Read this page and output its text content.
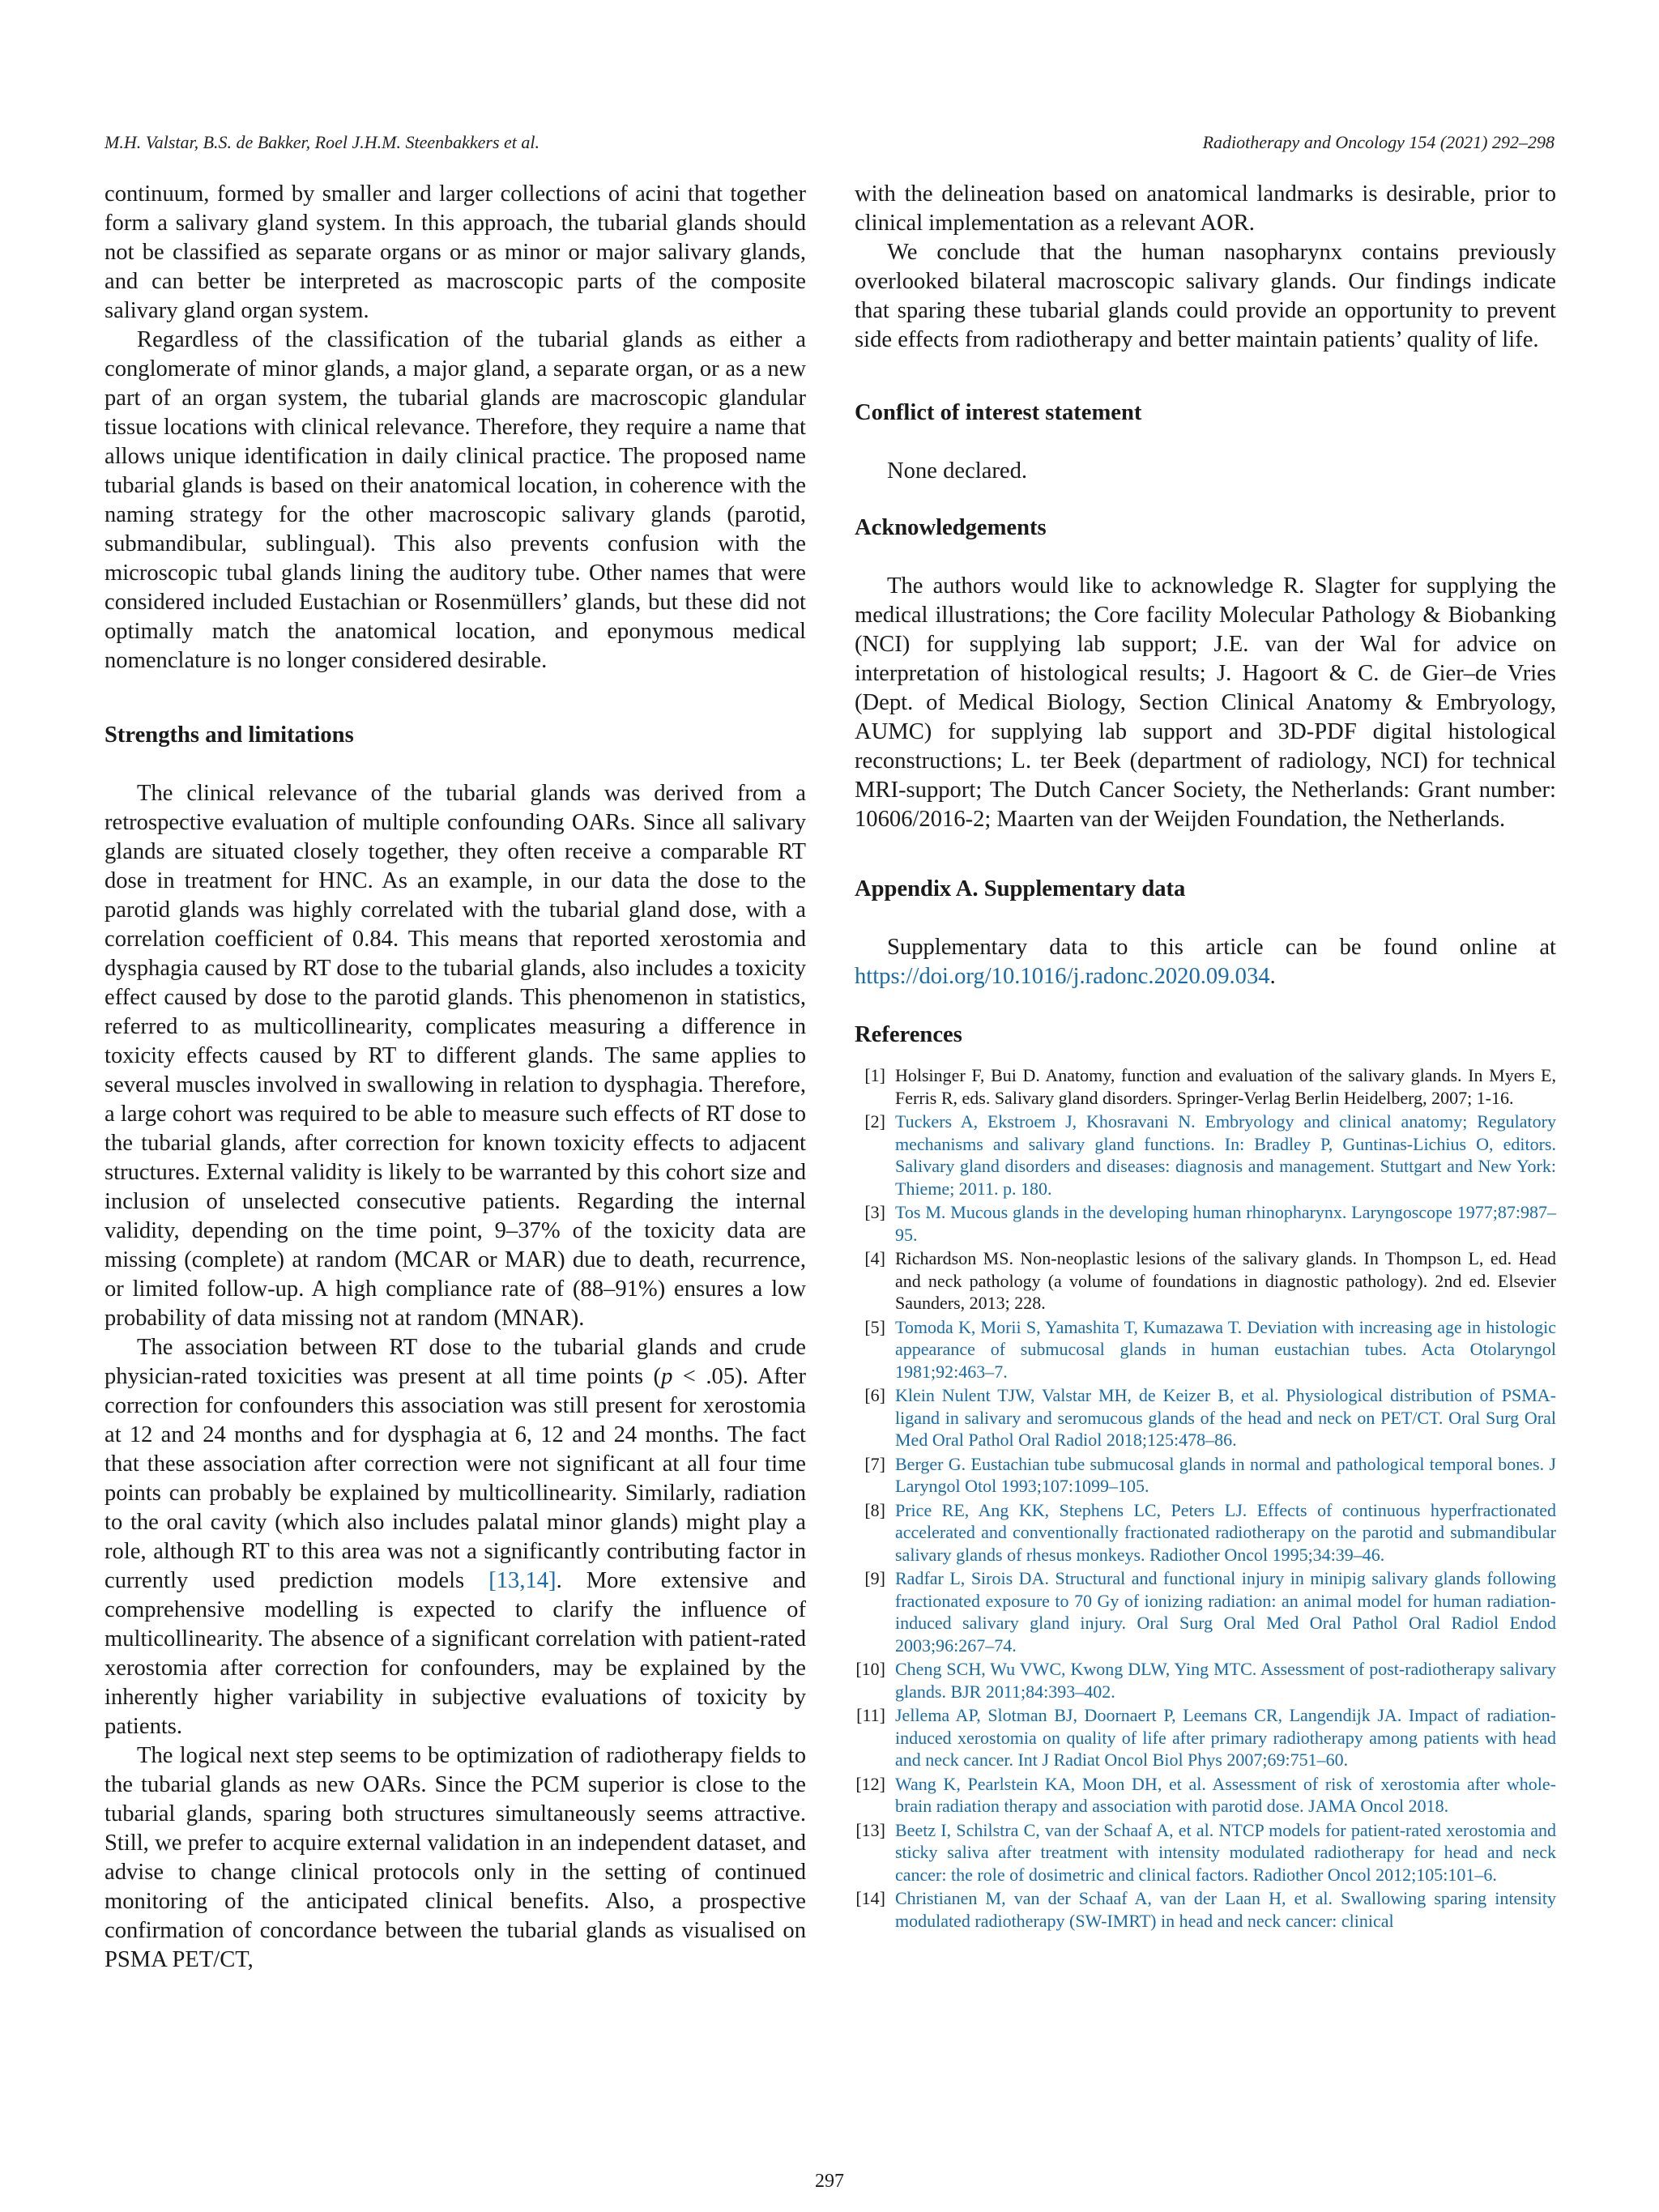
M.H. Valstar, B.S. de Bakker, Roel J.H.M. Steenbakkers et al.	Radiotherapy and Oncology 154 (2021) 292–298

continuum, formed by smaller and larger collections of acini that together form a salivary gland system. In this approach, the tubarial glands should not be classified as separate organs or as minor or major salivary glands, and can better be interpreted as macroscopic parts of the composite salivary gland organ system.

Regardless of the classification of the tubarial glands as either a conglomerate of minor glands, a major gland, a separate organ, or as a new part of an organ system, the tubarial glands are macroscopic glandular tissue locations with clinical relevance. Therefore, they require a name that allows unique identification in daily clinical practice. The proposed name tubarial glands is based on their anatomical location, in coherence with the naming strategy for the other macroscopic salivary glands (parotid, submandibular, sublingual). This also prevents confusion with the microscopic tubal glands lining the auditory tube. Other names that were considered included Eustachian or Rosenmüllers’ glands, but these did not optimally match the anatomical location, and eponymous medical nomenclature is no longer considered desirable.

Strengths and limitations

The clinical relevance of the tubarial glands was derived from a retrospective evaluation of multiple confounding OARs. Since all salivary glands are situated closely together, they often receive a comparable RT dose in treatment for HNC. As an example, in our data the dose to the parotid glands was highly correlated with the tubarial gland dose, with a correlation coefficient of 0.84. This means that reported xerostomia and dysphagia caused by RT dose to the tubarial glands, also includes a toxicity effect caused by dose to the parotid glands. This phenomenon in statistics, referred to as multicollinearity, complicates measuring a difference in toxicity effects caused by RT to different glands. The same applies to several muscles involved in swallowing in relation to dysphagia. Therefore, a large cohort was required to be able to measure such effects of RT dose to the tubarial glands, after correction for known toxicity effects to adjacent structures. External validity is likely to be warranted by this cohort size and inclusion of unselected consecutive patients. Regarding the internal validity, depending on the time point, 9–37% of the toxicity data are missing (complete) at random (MCAR or MAR) due to death, recurrence, or limited follow-up. A high compliance rate of (88–91%) ensures a low probability of data missing not at random (MNAR).

The association between RT dose to the tubarial glands and crude physician-rated toxicities was present at all time points (p < .05). After correction for confounders this association was still present for xerostomia at 12 and 24 months and for dysphagia at 6, 12 and 24 months. The fact that these association after correction were not significant at all four time points can probably be explained by multicollinearity. Similarly, radiation to the oral cavity (which also includes palatal minor glands) might play a role, although RT to this area was not a significantly contributing factor in currently used prediction models [13,14]. More extensive and comprehensive modelling is expected to clarify the influence of multicollinearity. The absence of a significant correlation with patient-rated xerostomia after correction for confounders, may be explained by the inherently higher variability in subjective evaluations of toxicity by patients.

The logical next step seems to be optimization of radiotherapy fields to the tubarial glands as new OARs. Since the PCM superior is close to the tubarial glands, sparing both structures simultaneously seems attractive. Still, we prefer to acquire external validation in an independent dataset, and advise to change clinical protocols only in the setting of continued monitoring of the anticipated clinical benefits. Also, a prospective confirmation of concordance between the tubarial glands as visualised on PSMA PET/CT,

with the delineation based on anatomical landmarks is desirable, prior to clinical implementation as a relevant AOR.

We conclude that the human nasopharynx contains previously overlooked bilateral macroscopic salivary glands. Our findings indicate that sparing these tubarial glands could provide an opportunity to prevent side effects from radiotherapy and better maintain patients’ quality of life.

Conflict of interest statement

None declared.

Acknowledgements

The authors would like to acknowledge R. Slagter for supplying the medical illustrations; the Core facility Molecular Pathology & Biobanking (NCI) for supplying lab support; J.E. van der Wal for advice on interpretation of histological results; J. Hagoort & C. de Gier–de Vries (Dept. of Medical Biology, Section Clinical Anatomy & Embryology, AUMC) for supplying lab support and 3D-PDF digital histological reconstructions; L. ter Beek (department of radiology, NCI) for technical MRI-support; The Dutch Cancer Society, the Netherlands: Grant number: 10606/2016-2; Maarten van der Weijden Foundation, the Netherlands.

Appendix A. Supplementary data

Supplementary data to this article can be found online at https://doi.org/10.1016/j.radonc.2020.09.034.

References
[1] Holsinger F, Bui D. Anatomy, function and evaluation of the salivary glands. In Myers E, Ferris R, eds. Salivary gland disorders. Springer-Verlag Berlin Heidelberg, 2007; 1-16.
[2] Tuckers A, Ekstroem J, Khosravani N. Embryology and clinical anatomy; Regulatory mechanisms and salivary gland functions. In: Bradley P, Guntinas-Lichius O, editors. Salivary gland disorders and diseases: diagnosis and management. Stuttgart and New York: Thieme; 2011. p. 180.
[3] Tos M. Mucous glands in the developing human rhinopharynx. Laryngoscope 1977;87:987–95.
[4] Richardson MS. Non-neoplastic lesions of the salivary glands. In Thompson L, ed. Head and neck pathology (a volume of foundations in diagnostic pathology). 2nd ed. Elsevier Saunders, 2013; 228.
[5] Tomoda K, Morii S, Yamashita T, Kumazawa T. Deviation with increasing age in histologic appearance of submucosal glands in human eustachian tubes. Acta Otolaryngol 1981;92:463–7.
[6] Klein Nulent TJW, Valstar MH, de Keizer B, et al. Physiological distribution of PSMA-ligand in salivary and seromucous glands of the head and neck on PET/CT. Oral Surg Oral Med Oral Pathol Oral Radiol 2018;125:478–86.
[7] Berger G. Eustachian tube submucosal glands in normal and pathological temporal bones. J Laryngol Otol 1993;107:1099–105.
[8] Price RE, Ang KK, Stephens LC, Peters LJ. Effects of continuous hyperfractionated accelerated and conventionally fractionated radiotherapy on the parotid and submandibular salivary glands of rhesus monkeys. Radiother Oncol 1995;34:39–46.
[9] Radfar L, Sirois DA. Structural and functional injury in minipig salivary glands following fractionated exposure to 70 Gy of ionizing radiation: an animal model for human radiation-induced salivary gland injury. Oral Surg Oral Med Oral Pathol Oral Radiol Endod 2003;96:267–74.
[10] Cheng SCH, Wu VWC, Kwong DLW, Ying MTC. Assessment of post-radiotherapy salivary glands. BJR 2011;84:393–402.
[11] Jellema AP, Slotman BJ, Doornaert P, Leemans CR, Langendijk JA. Impact of radiation-induced xerostomia on quality of life after primary radiotherapy among patients with head and neck cancer. Int J Radiat Oncol Biol Phys 2007;69:751–60.
[12] Wang K, Pearlstein KA, Moon DH, et al. Assessment of risk of xerostomia after whole-brain radiation therapy and association with parotid dose. JAMA Oncol 2018.
[13] Beetz I, Schilstra C, van der Schaaf A, et al. NTCP models for patient-rated xerostomia and sticky saliva after treatment with intensity modulated radiotherapy for head and neck cancer: the role of dosimetric and clinical factors. Radiother Oncol 2012;105:101–6.
[14] Christianen M, van der Schaaf A, van der Laan H, et al. Swallowing sparing intensity modulated radiotherapy (SW-IMRT) in head and neck cancer: clinical
297
